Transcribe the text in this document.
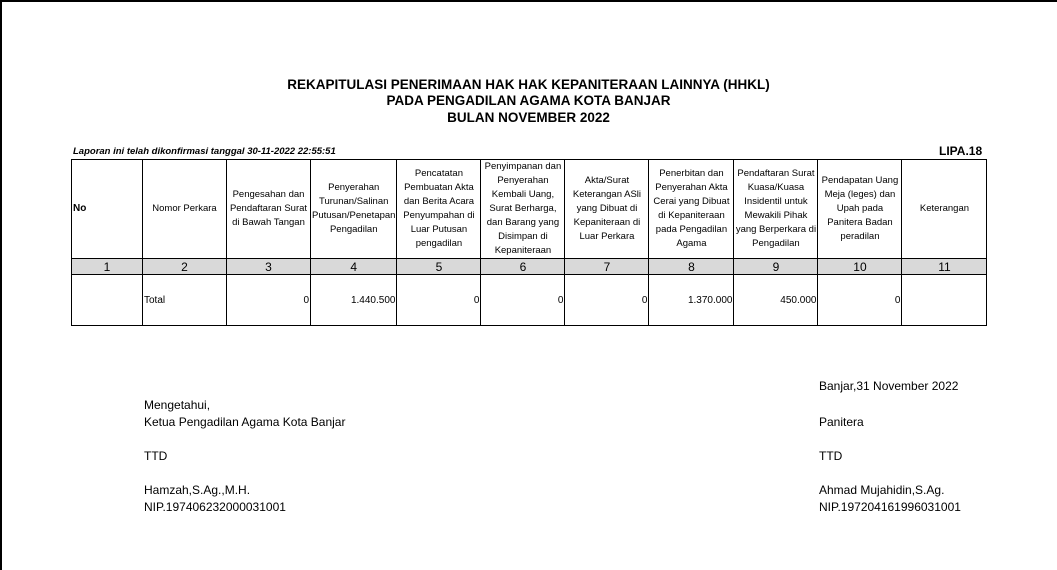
REKAPITULASI PENERIMAAN HAK HAK KEPANITERAAN LAINNYA (HHKL)
PADA PENGADILAN AGAMA KOTA BANJAR
BULAN NOVEMBER 2022
Laporan ini telah dikonfirmasi tanggal 30-11-2022 22:55:51	LIPA.18
No	Nomor Perkara	Pengesahan dan Pendaftaran Surat di Bawah Tangan	Penyerahan Turunan/Salinan Putusan/Penetapan Pengadilan	Pencatatan Pembuatan Akta dan Berita Acara Penyumpahan di Luar Putusan pengadilan	Penyimpanan dan Penyerahan Kembali Uang, Surat Berharga, dan Barang yang Disimpan di Kepaniteraan	Akta/Surat Keterangan ASli yang Dibuat di Kepaniteraan di Luar Perkara	Penerbitan dan Penyerahan Akta Cerai yang Dibuat di Kepaniteraan pada Pengadilan Agama	Pendaftaran Surat Kuasa/Kuasa Insidentil untuk Mewakili Pihak yang Berperkara di Pengadilan	Pendapatan Uang Meja (leges) dan Upah pada Panitera Badan peradilan	Keterangan
1	2	3	4	5	6	7	8	9	10	11
	Total	0	1.440.500	0	0	0	1.370.000	450.000	0	
Mengetahui,
Ketua Pengadilan Agama Kota Banjar
TTD
Hamzah,S.Ag.,M.H.
NIP.197406232000031001
Banjar,31 November 2022
Panitera
TTD
Ahmad Mujahidin,S.Ag.
NIP.197204161996031001
